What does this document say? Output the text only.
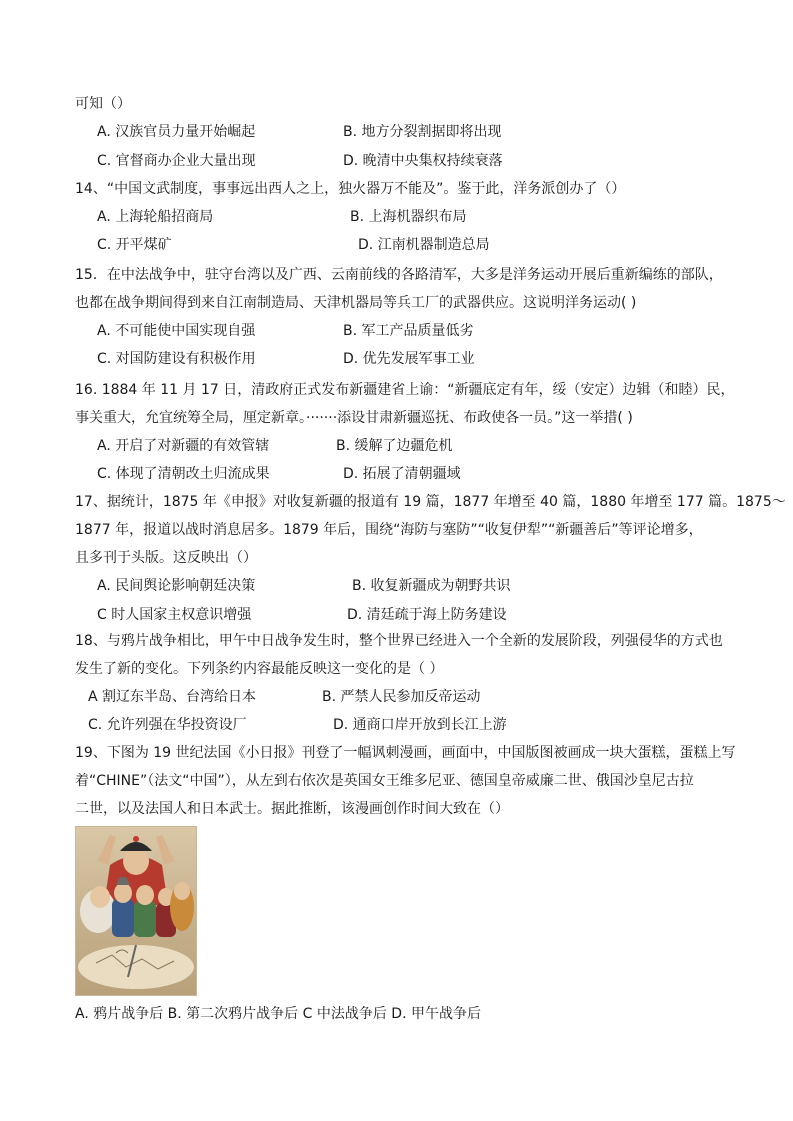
可知（）
A. 汉族官员力量开始崛起	B. 地方分裂割据即将出现
C. 官督商办企业大量出现	D. 晚清中央集权持续衰落
14、“中国文武制度，事事远出西人之上，独火器万不能及”。鉴于此，洋务派创办了（）
A. 上海轮船招商局	B. 上海机器织布局
C. 开平煤矿	D. 江南机器制造总局
15．在中法战争中，驻守台湾以及广西、云南前线的各路清军，大多是洋务运动开展后重新编练的部队，
也都在战争期间得到来自江南制造局、天津机器局等兵工厂的武器供应。这说明洋务运动( )
A. 不可能使中国实现自强	B. 军工产品质量低劣
C. 对国防建设有积极作用	D. 优先发展军事工业
16. 1884 年 11 月 17 日，清政府正式发布新疆建省上谕：“新疆底定有年，绥（安定）边辑（和睦）民，
事关重大，允宜统筹全局，厘定新章。·······添设甘肃新疆巡抚、布政使各一员。”这一举措( )
A. 开启了对新疆的有效管辖	B. 缓解了边疆危机
C. 体现了清朝改土归流成果	D. 拓展了清朝疆域
17、据统计，1875 年《申报》对收复新疆的报道有 19 篇，1877 年增至 40 篇，1880 年增至 177 篇。1875～
1877 年，报道以战时消息居多。1879 年后，围绕“海防与塞防”“收复伊犁”“新疆善后”等评论增多，
且多刊于头版。这反映出（）
A. 民间舆论影响朝廷决策	B. 收复新疆成为朝野共识
C 时人国家主权意识增强	D. 清廷疏于海上防务建设
18、与鸦片战争相比，甲午中日战争发生时，整个世界已经进入一个全新的发展阶段，列强侵华的方式也
发生了新的变化。下列条约内容最能反映这一变化的是（ ）
A 割辽东半岛、台湾给日本	B. 严禁人民参加反帝运动
C. 允许列强在华投资设厂	D. 通商口岸开放到长江上游
19、下图为 19 世纪法国《小日报》刊登了一幅讽刺漫画，画面中，中国版图被画成一块大蛋糕，蛋糕上写
着“CHINE”（法文“中国”），从左到右依次是英国女王维多尼亚、德国皇帝威廉二世、俄国沙皇尼古拉
二世，以及法国人和日本武士。据此推断，该漫画创作时间大致在（）
A. 鸦片战争后 B. 第二次鸦片战争后 C 中法战争后 D. 甲午战争后
